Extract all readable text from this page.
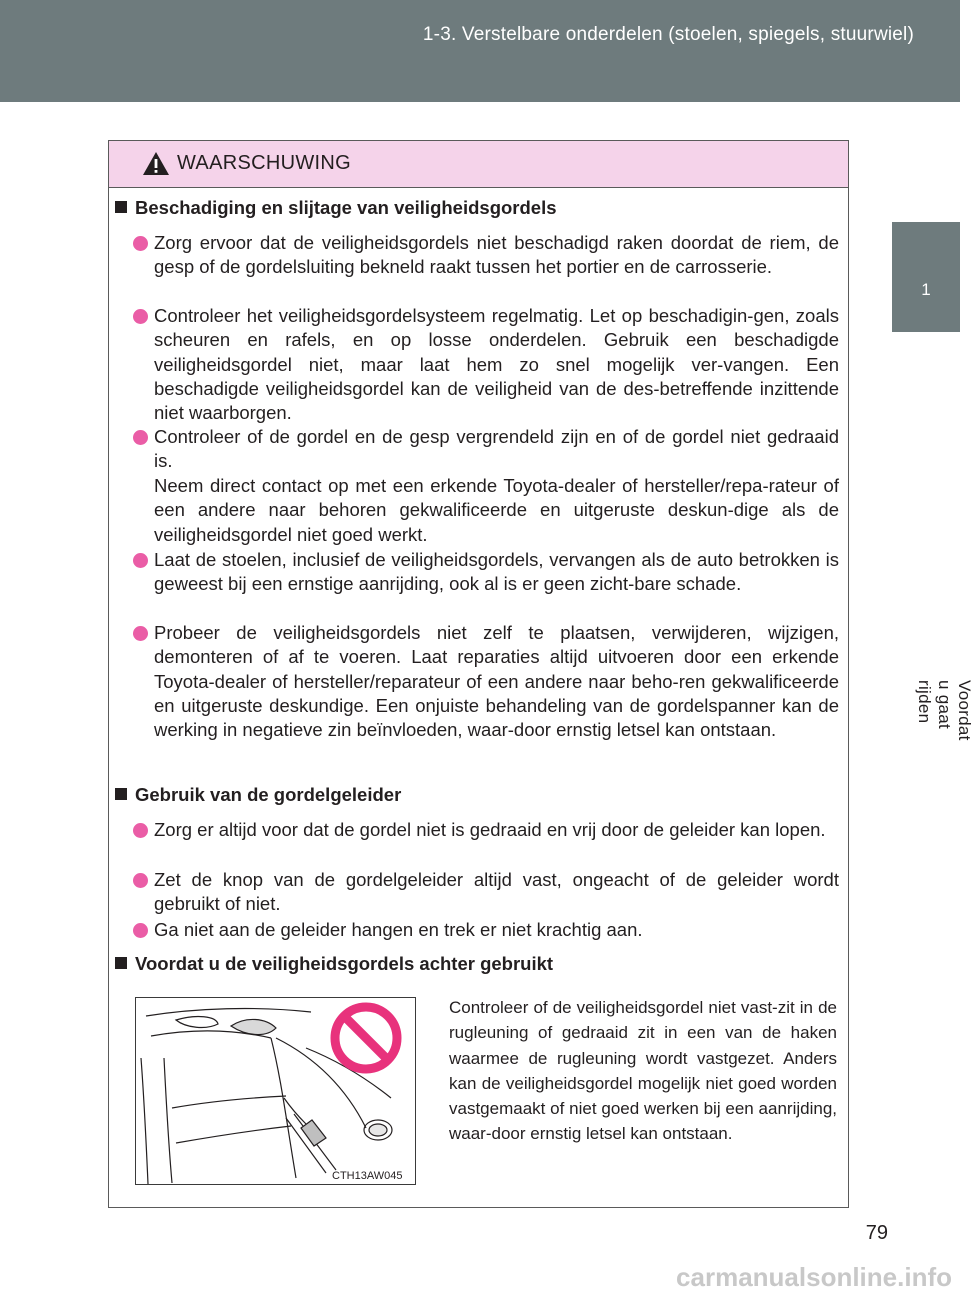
1-3. Verstelbare onderdelen (stoelen, spiegels, stuurwiel)
1
Voordat u gaat rijden
WAARSCHUWING
Beschadiging en slijtage van veiligheidsgordels
Zorg ervoor dat de veiligheidsgordels niet beschadigd raken doordat de riem, de gesp of de gordelsluiting bekneld raakt tussen het portier en de carrosserie.
Controleer het veiligheidsgordelsysteem regelmatig. Let op beschadigin-gen, zoals scheuren en rafels, en op losse onderdelen. Gebruik een beschadigde veiligheidsgordel niet, maar laat hem zo snel mogelijk ver-vangen. Een beschadigde veiligheidsgordel kan de veiligheid van de des-betreffende inzittende niet waarborgen.
Controleer of de gordel en de gesp vergrendeld zijn en of de gordel niet gedraaid is.
Neem direct contact op met een erkende Toyota-dealer of hersteller/repa-rateur of een andere naar behoren gekwalificeerde en uitgeruste deskun-dige als de veiligheidsgordel niet goed werkt.
Laat de stoelen, inclusief de veiligheidsgordels, vervangen als de auto betrokken is geweest bij een ernstige aanrijding, ook al is er geen zicht-bare schade.
Probeer de veiligheidsgordels niet zelf te plaatsen, verwijderen, wijzigen, demonteren of af te voeren. Laat reparaties altijd uitvoeren door een erkende Toyota-dealer of hersteller/reparateur of een andere naar beho-ren gekwalificeerde en uitgeruste deskundige. Een onjuiste behandeling van de gordelspanner kan de werking in negatieve zin beïnvloeden, waar-door ernstig letsel kan ontstaan.
Gebruik van de gordelgeleider
Zorg er altijd voor dat de gordel niet is gedraaid en vrij door de geleider kan lopen.
Zet de knop van de gordelgeleider altijd vast, ongeacht of de geleider wordt gebruikt of niet.
Ga niet aan de geleider hangen en trek er niet krachtig aan.
Voordat u de veiligheidsgordels achter gebruikt
CTH13AW045
Controleer of de veiligheidsgordel niet vast-zit in de rugleuning of gedraaid zit in een van de haken waarmee de rugleuning wordt vastgezet. Anders kan de veiligheidsgordel mogelijk niet goed worden vastgemaakt of niet goed werken bij een aanrijding, waar-door ernstig letsel kan ontstaan.
79
carmanualsonline.info
